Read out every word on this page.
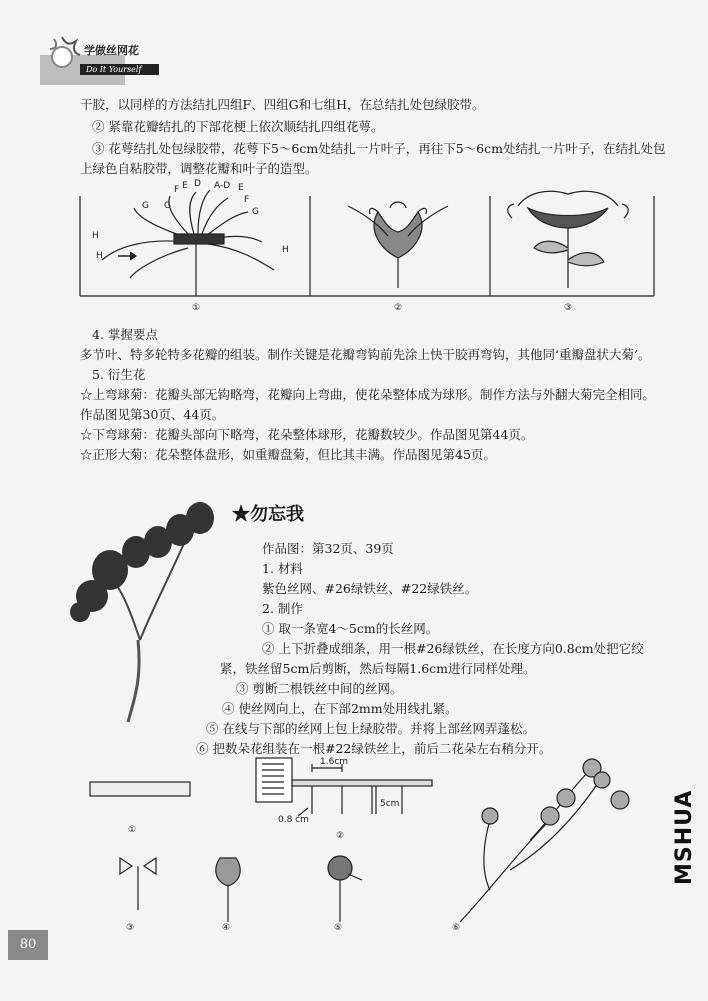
学做丝网花
Do It Yourself
干胶，以同样的方法结扎四组F、四组G和七组H，在总结扎处包绿胶带。
② 紧靠花瓣结扎的下部花梗上依次顺结扎四组花萼。
③ 花萼结扎处包绿胶带，花萼下5～6cm处结扎一片叶子，再往下5～6cm处结扎一片叶子，在结扎处包
上绿色自粘胶带，调整花瓣和叶子的造型。
G
G
F E D A-D E
F
G
H
H
H
①	②	③
4. 掌握要点
多节叶、特多轮特多花瓣的组装。制作关键是花瓣弯钩前先涂上快干胶再弯钩，其他同‘重瓣盘状大菊’。
5. 衍生花
☆上弯球菊：花瓣头部无钩略弯，花瓣向上弯曲，使花朵整体成为球形。制作方法与外翻大菊完全相同。
作品图见第30页、44页。
☆下弯球菊：花瓣头部向下略弯，花朵整体球形，花瓣数较少。作品图见第44页。
☆正形大菊：花朵整体盘形，如重瓣盘菊，但比其丰满。作品图见第45页。
★勿忘我
作品图：第32页、39页
1. 材料
紫色丝网、#26绿铁丝、#22绿铁丝。
2. 制作
① 取一条宽4～5cm的长丝网。
② 上下折叠成细条，用一根#26绿铁丝，在长度方向0.8cm处把它绞
紧，铁丝留5cm后剪断，然后每隔1.6cm进行同样处理。
③ 剪断二根铁丝中间的丝网。
④ 使丝网向上，在下部2mm处用线扎紧。
⑤ 在线与下部的丝网上包上绿胶带。并将上部丝网弄蓬松。
⑥ 把数朵花组装在一根#22绿铁丝上，前后二花朵左右稍分开。
1.6cm
5cm
0.8 cm
①
②
③	④	⑤	⑥
80
MSHUA
